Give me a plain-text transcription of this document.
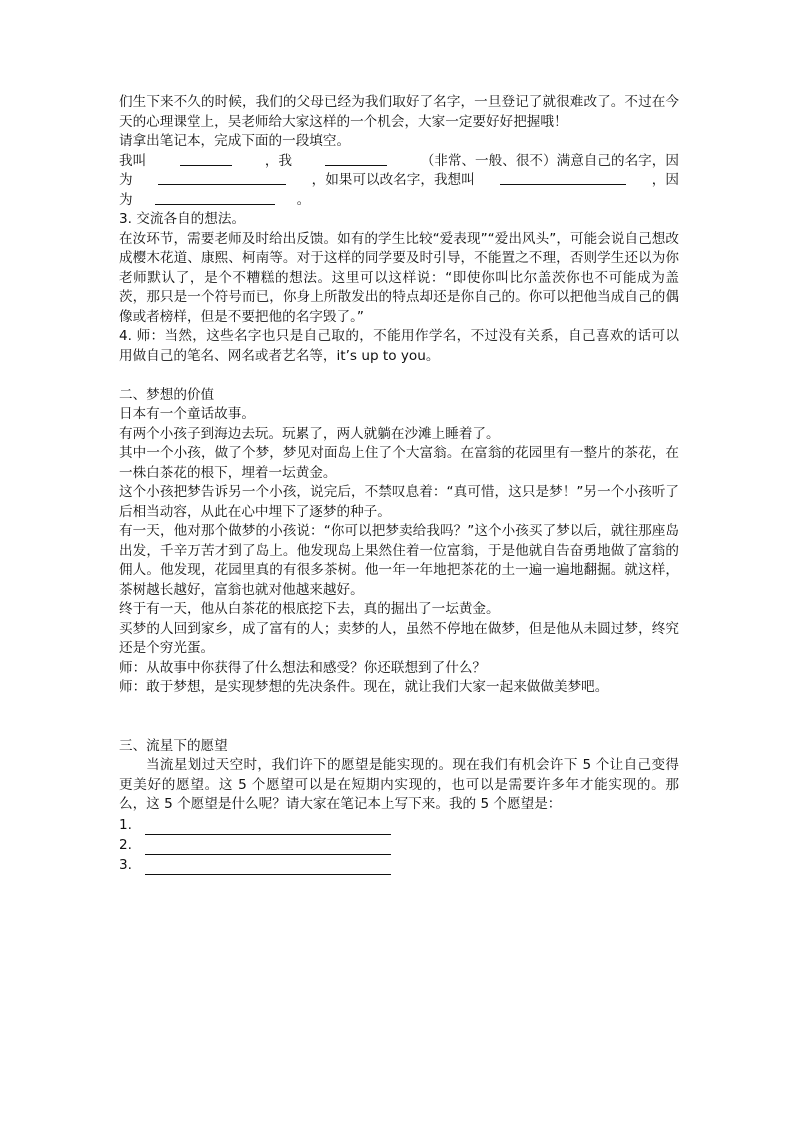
们生下来不久的时候，我们的父母已经为我们取好了名字，一旦登记了就很难改了。不过在今天的心理课堂上，吴老师给大家这样的一个机会，大家一定要好好把握哦！

请拿出笔记本，完成下面的一段填空。

我叫	，我	（非常、一般、很不）满意自己的名字，因
为	，如果可以改名字，我想叫	，因
为	。

3. 交流各自的想法。

在汝环节，需要老师及时给出反馈。如有的学生比较“爱表现”“爱出风头”，可能会说自己想改成樱木花道、康熙、柯南等。对于这样的同学要及时引导，不能置之不理，否则学生还以为你老师默认了，是个不糟糕的想法。这里可以这样说：“即使你叫比尔盖茨你也不可能成为盖茨，那只是一个符号而已，你身上所散发出的特点却还是你自己的。你可以把他当成自己的偶像或者榜样，但是不要把他的名字毁了。”

4. 师：当然，这些名字也只是自己取的，不能用作学名，不过没有关系，自己喜欢的话可以用做自己的笔名、网名或者艺名等，it’s up to you。

二、梦想的价值

日本有一个童话故事。

有两个小孩子到海边去玩。玩累了，两人就躺在沙滩上睡着了。

其中一个小孩，做了个梦，梦见对面岛上住了个大富翁。在富翁的花园里有一整片的茶花，在一株白茶花的根下，埋着一坛黄金。

这个小孩把梦告诉另一个小孩，说完后，不禁叹息着：“真可惜，这只是梦！”另一个小孩听了后相当动容，从此在心中埋下了逐梦的种子。

有一天，他对那个做梦的小孩说：“你可以把梦卖给我吗？”这个小孩买了梦以后，就往那座岛出发，千辛万苦才到了岛上。他发现岛上果然住着一位富翁，于是他就自告奋勇地做了富翁的佣人。他发现，花园里真的有很多茶树。他一年一年地把茶花的土一遍一遍地翻掘。就这样，茶树越长越好，富翁也就对他越来越好。

终于有一天，他从白茶花的根底挖下去，真的掘出了一坛黄金。

买梦的人回到家乡，成了富有的人；卖梦的人，虽然不停地在做梦，但是他从未圆过梦，终究还是个穷光蛋。

师：从故事中你获得了什么想法和感受？你还联想到了什么？

师：敢于梦想，是实现梦想的先决条件。现在，就让我们大家一起来做做美梦吧。

三、流星下的愿望

当流星划过天空时，我们许下的愿望是能实现的。现在我们有机会许下 5 个让自己变得更美好的愿望。这 5 个愿望可以是在短期内实现的，也可以是需要许多年才能实现的。那么，这 5 个愿望是什么呢？请大家在笔记本上写下来。我的 5 个愿望是：

1.
2.
3.
